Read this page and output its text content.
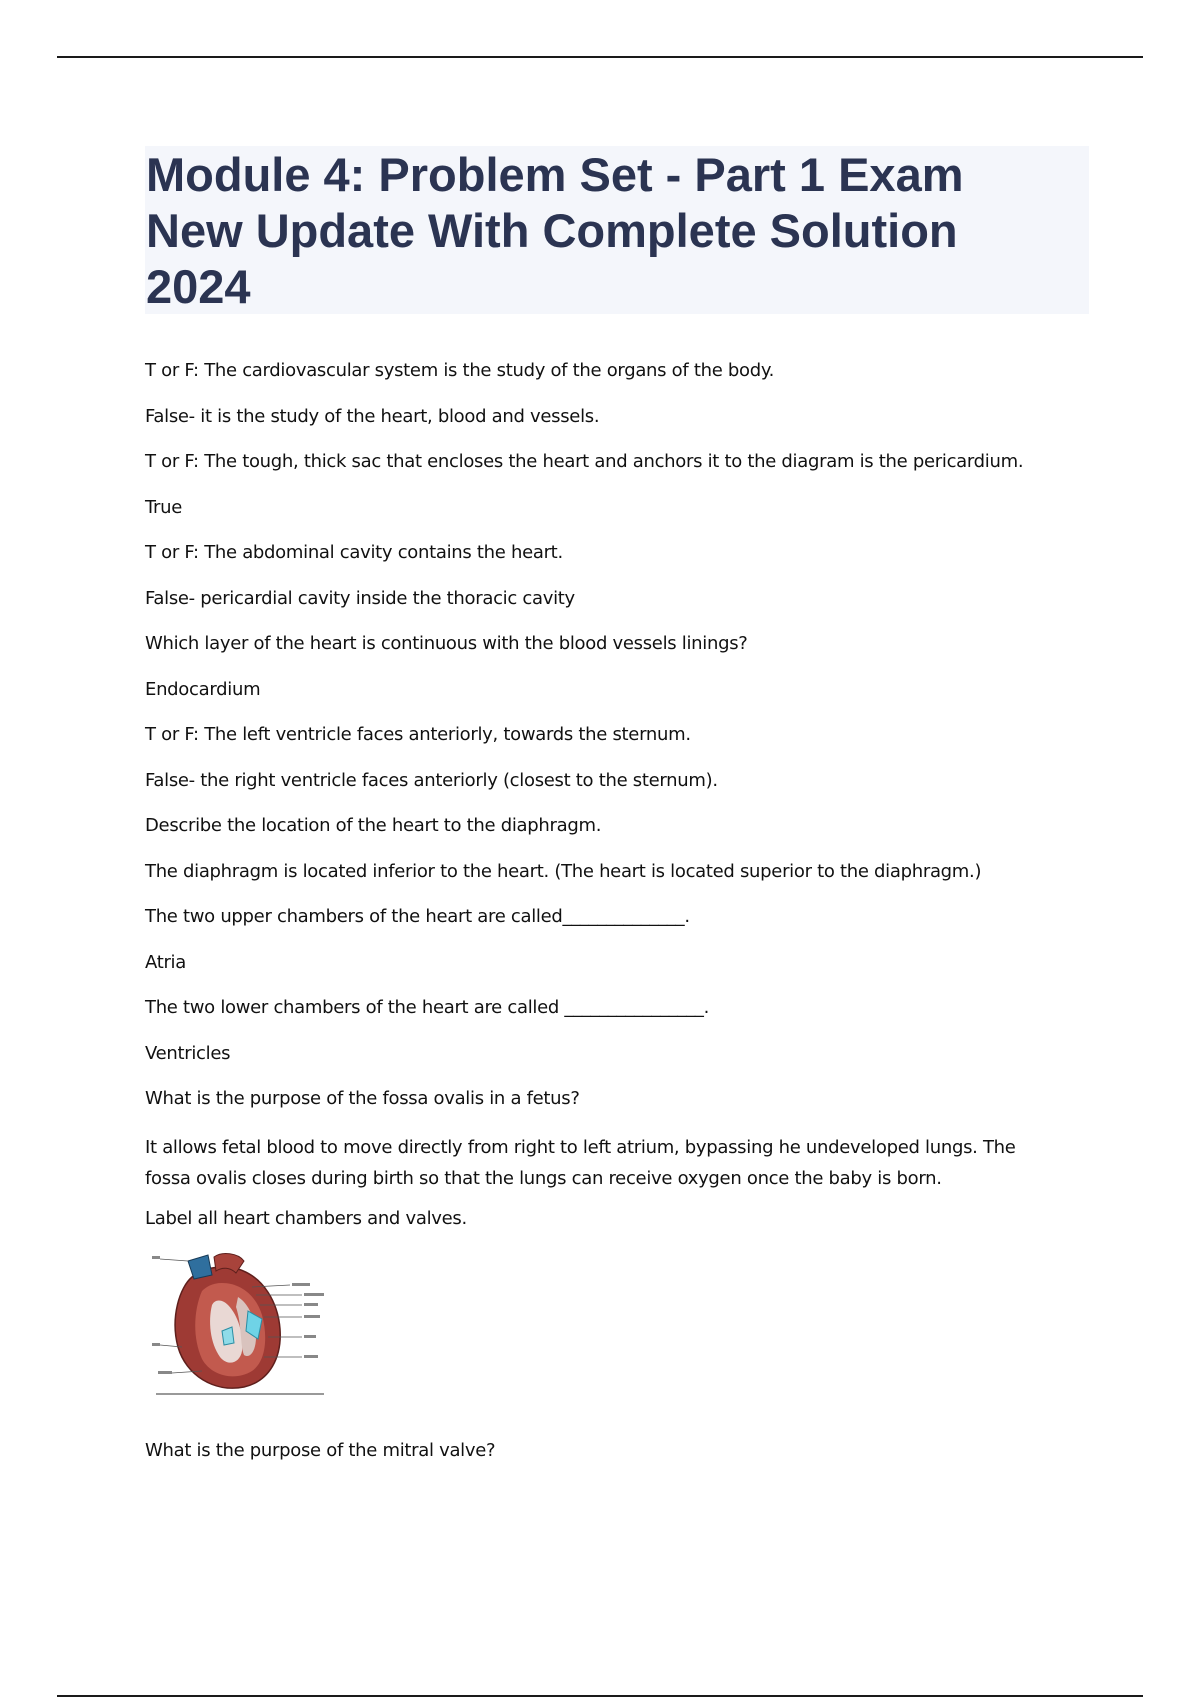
Module 4: Problem Set - Part 1 Exam New Update With Complete Solution 2024

T or F: The cardiovascular system is the study of the organs of the body.

False- it is the study of the heart, blood and vessels.

T or F: The tough, thick sac that encloses the heart and anchors it to the diagram is the pericardium.

True

T or F: The abdominal cavity contains the heart.

False- pericardial cavity inside the thoracic cavity

Which layer of the heart is continuous with the blood vessels linings?

Endocardium

T or F: The left ventricle faces anteriorly, towards the sternum.

False- the right ventricle faces anteriorly (closest to the sternum).

Describe the location of the heart to the diaphragm.

The diaphragm is located inferior to the heart. (The heart is located superior to the diaphragm.)

The two upper chambers of the heart are called______________.

Atria

The two lower chambers of the heart are called ________________.

Ventricles

What is the purpose of the fossa ovalis in a fetus?

It allows fetal blood to move directly from right to left atrium, bypassing he undeveloped lungs. The fossa ovalis closes during birth so that the lungs can receive oxygen once the baby is born.

Label all heart chambers and valves.

What is the purpose of the mitral valve?
